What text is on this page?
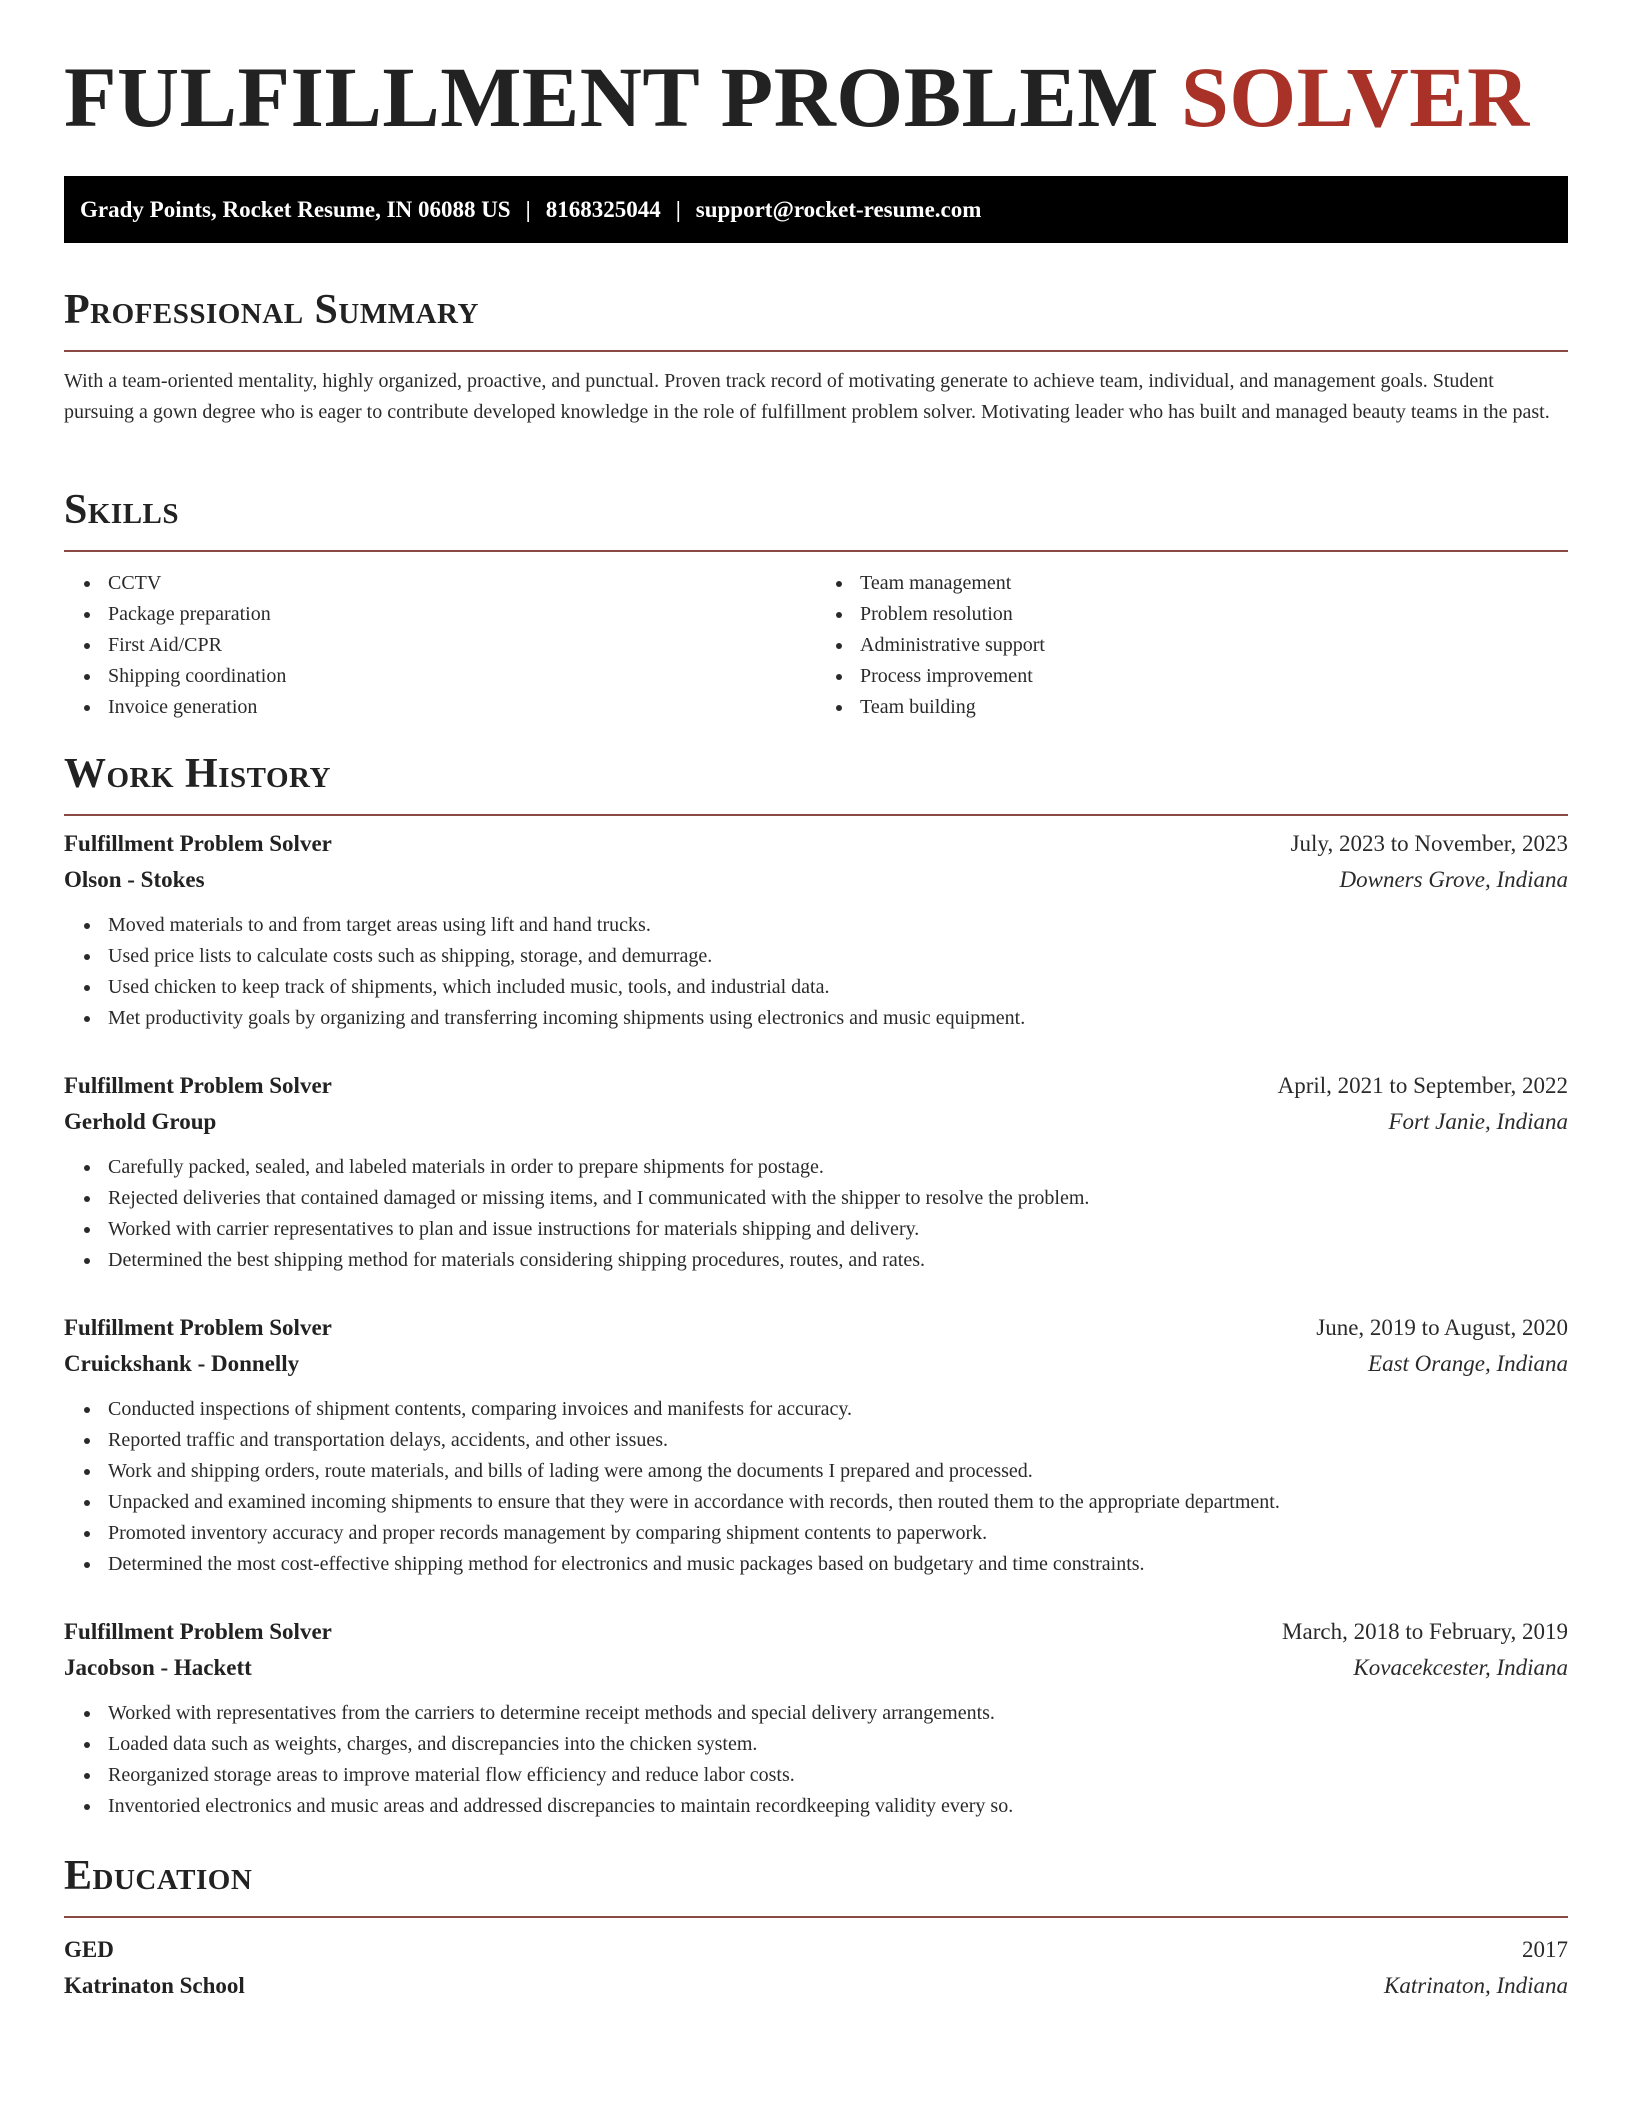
FULFILLMENT PROBLEM SOLVER
Grady Points, Rocket Resume, IN 06088 US | 8168325044 | support@rocket-resume.com
Professional Summary

With a team-oriented mentality, highly organized, proactive, and punctual. Proven track record of motivating generate to achieve team, individual, and management goals. Student pursuing a gown degree who is eager to contribute developed knowledge in the role of fulfillment problem solver. Motivating leader who has built and managed beauty teams in the past.

Skills
CCTV
Package preparation
First Aid/CPR
Shipping coordination
Invoice generation
Team management
Problem resolution
Administrative support
Process improvement
Team building
Work History
Fulfillment Problem Solver	July, 2023 to November, 2023
Olson - Stokes	Downers Grove, Indiana
Moved materials to and from target areas using lift and hand trucks.
Used price lists to calculate costs such as shipping, storage, and demurrage.
Used chicken to keep track of shipments, which included music, tools, and industrial data.
Met productivity goals by organizing and transferring incoming shipments using electronics and music equipment.
Fulfillment Problem Solver	April, 2021 to September, 2022
Gerhold Group	Fort Janie, Indiana
Carefully packed, sealed, and labeled materials in order to prepare shipments for postage.
Rejected deliveries that contained damaged or missing items, and I communicated with the shipper to resolve the problem.
Worked with carrier representatives to plan and issue instructions for materials shipping and delivery.
Determined the best shipping method for materials considering shipping procedures, routes, and rates.
Fulfillment Problem Solver	June, 2019 to August, 2020
Cruickshank - Donnelly	East Orange, Indiana
Conducted inspections of shipment contents, comparing invoices and manifests for accuracy.
Reported traffic and transportation delays, accidents, and other issues.
Work and shipping orders, route materials, and bills of lading were among the documents I prepared and processed.
Unpacked and examined incoming shipments to ensure that they were in accordance with records, then routed them to the appropriate department.
Promoted inventory accuracy and proper records management by comparing shipment contents to paperwork.
Determined the most cost-effective shipping method for electronics and music packages based on budgetary and time constraints.
Fulfillment Problem Solver	March, 2018 to February, 2019
Jacobson - Hackett	Kovacekcester, Indiana
Worked with representatives from the carriers to determine receipt methods and special delivery arrangements.
Loaded data such as weights, charges, and discrepancies into the chicken system.
Reorganized storage areas to improve material flow efficiency and reduce labor costs.
Inventoried electronics and music areas and addressed discrepancies to maintain recordkeeping validity every so.
Education
GED	2017
Katrinaton School	Katrinaton, Indiana
